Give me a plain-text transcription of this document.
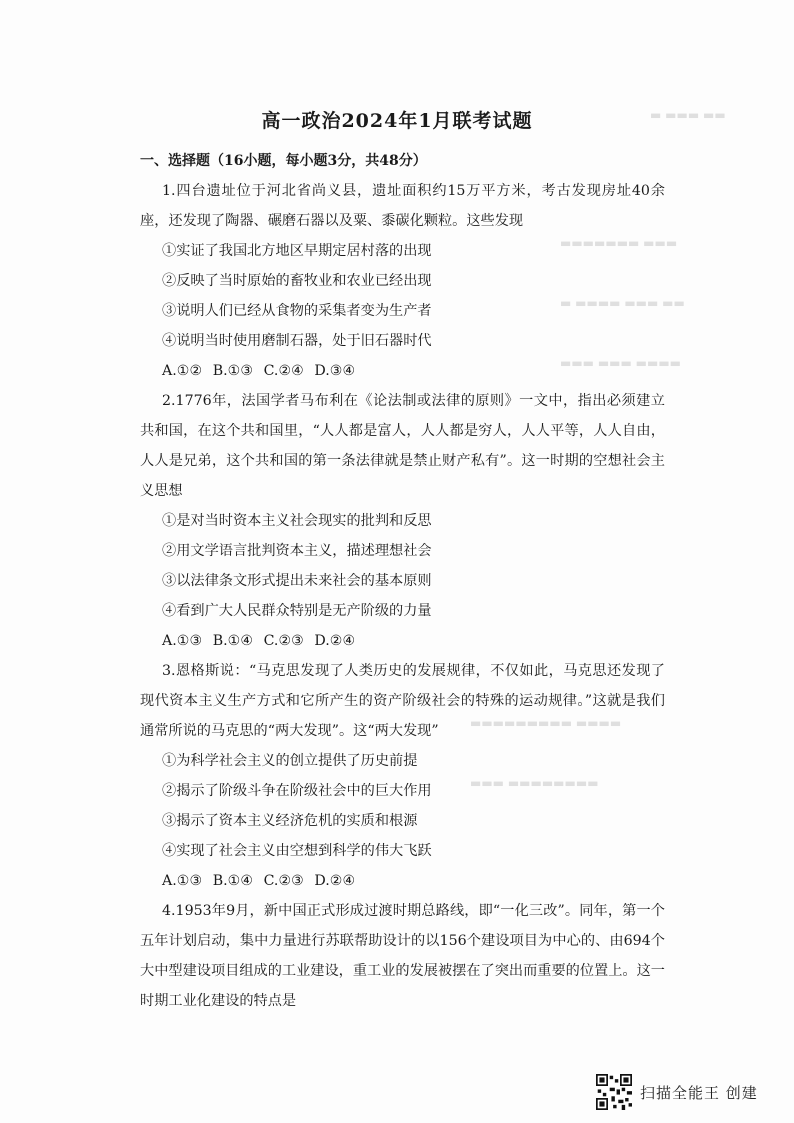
▬ ▬▬▬ ▬▬
▬▬▬▬▬▬▬ ▬▬▬
▬ ▬▬▬▬ ▬▬▬ ▬▬
▬▬▬ ▬▬▬ ▬▬▬▬
▬▬▬▬▬▬▬▬▬ ▬▬▬▬
▬▬▬ ▬▬▬▬▬▬▬▬
高一政治2024年1月联考试题
一、选择题（16小题，每小题3分，共48分）

1.四台遗址位于河北省尚义县，遗址面积约15万平方米，考古发现房址40余座，还发现了陶器、碾磨石器以及粟、黍碳化颗粒。这些发现

①实证了我国北方地区早期定居村落的出现

②反映了当时原始的畜牧业和农业已经出现

③说明人们已经从食物的采集者变为生产者

④说明当时使用磨制石器，处于旧石器时代

A.①② B.①③ C.②④ D.③④

2.1776年，法国学者马布利在《论法制或法律的原则》一文中，指出必须建立共和国，在这个共和国里，“人人都是富人，人人都是穷人，人人平等，人人自由，人人是兄弟，这个共和国的第一条法律就是禁止财产私有”。这一时期的空想社会主义思想

①是对当时资本主义社会现实的批判和反思

②用文学语言批判资本主义，描述理想社会

③以法律条文形式提出未来社会的基本原则

④看到广大人民群众特别是无产阶级的力量

A.①③ B.①④ C.②③ D.②④

3.恩格斯说：“马克思发现了人类历史的发展规律，不仅如此，马克思还发现了现代资本主义生产方式和它所产生的资产阶级社会的特殊的运动规律。”这就是我们通常所说的马克思的“两大发现”。这“两大发现”

①为科学社会主义的创立提供了历史前提

②揭示了阶级斗争在阶级社会中的巨大作用

③揭示了资本主义经济危机的实质和根源

④实现了社会主义由空想到科学的伟大飞跃

A.①③ B.①④ C.②③ D.②④

4.1953年9月，新中国正式形成过渡时期总路线，即“一化三改”。同年，第一个五年计划启动，集中力量进行苏联帮助设计的以156个建设项目为中心的、由694个大中型建设项目组成的工业建设，重工业的发展被摆在了突出而重要的位置上。这一时期工业化建设的特点是

扫描全能王 创建
